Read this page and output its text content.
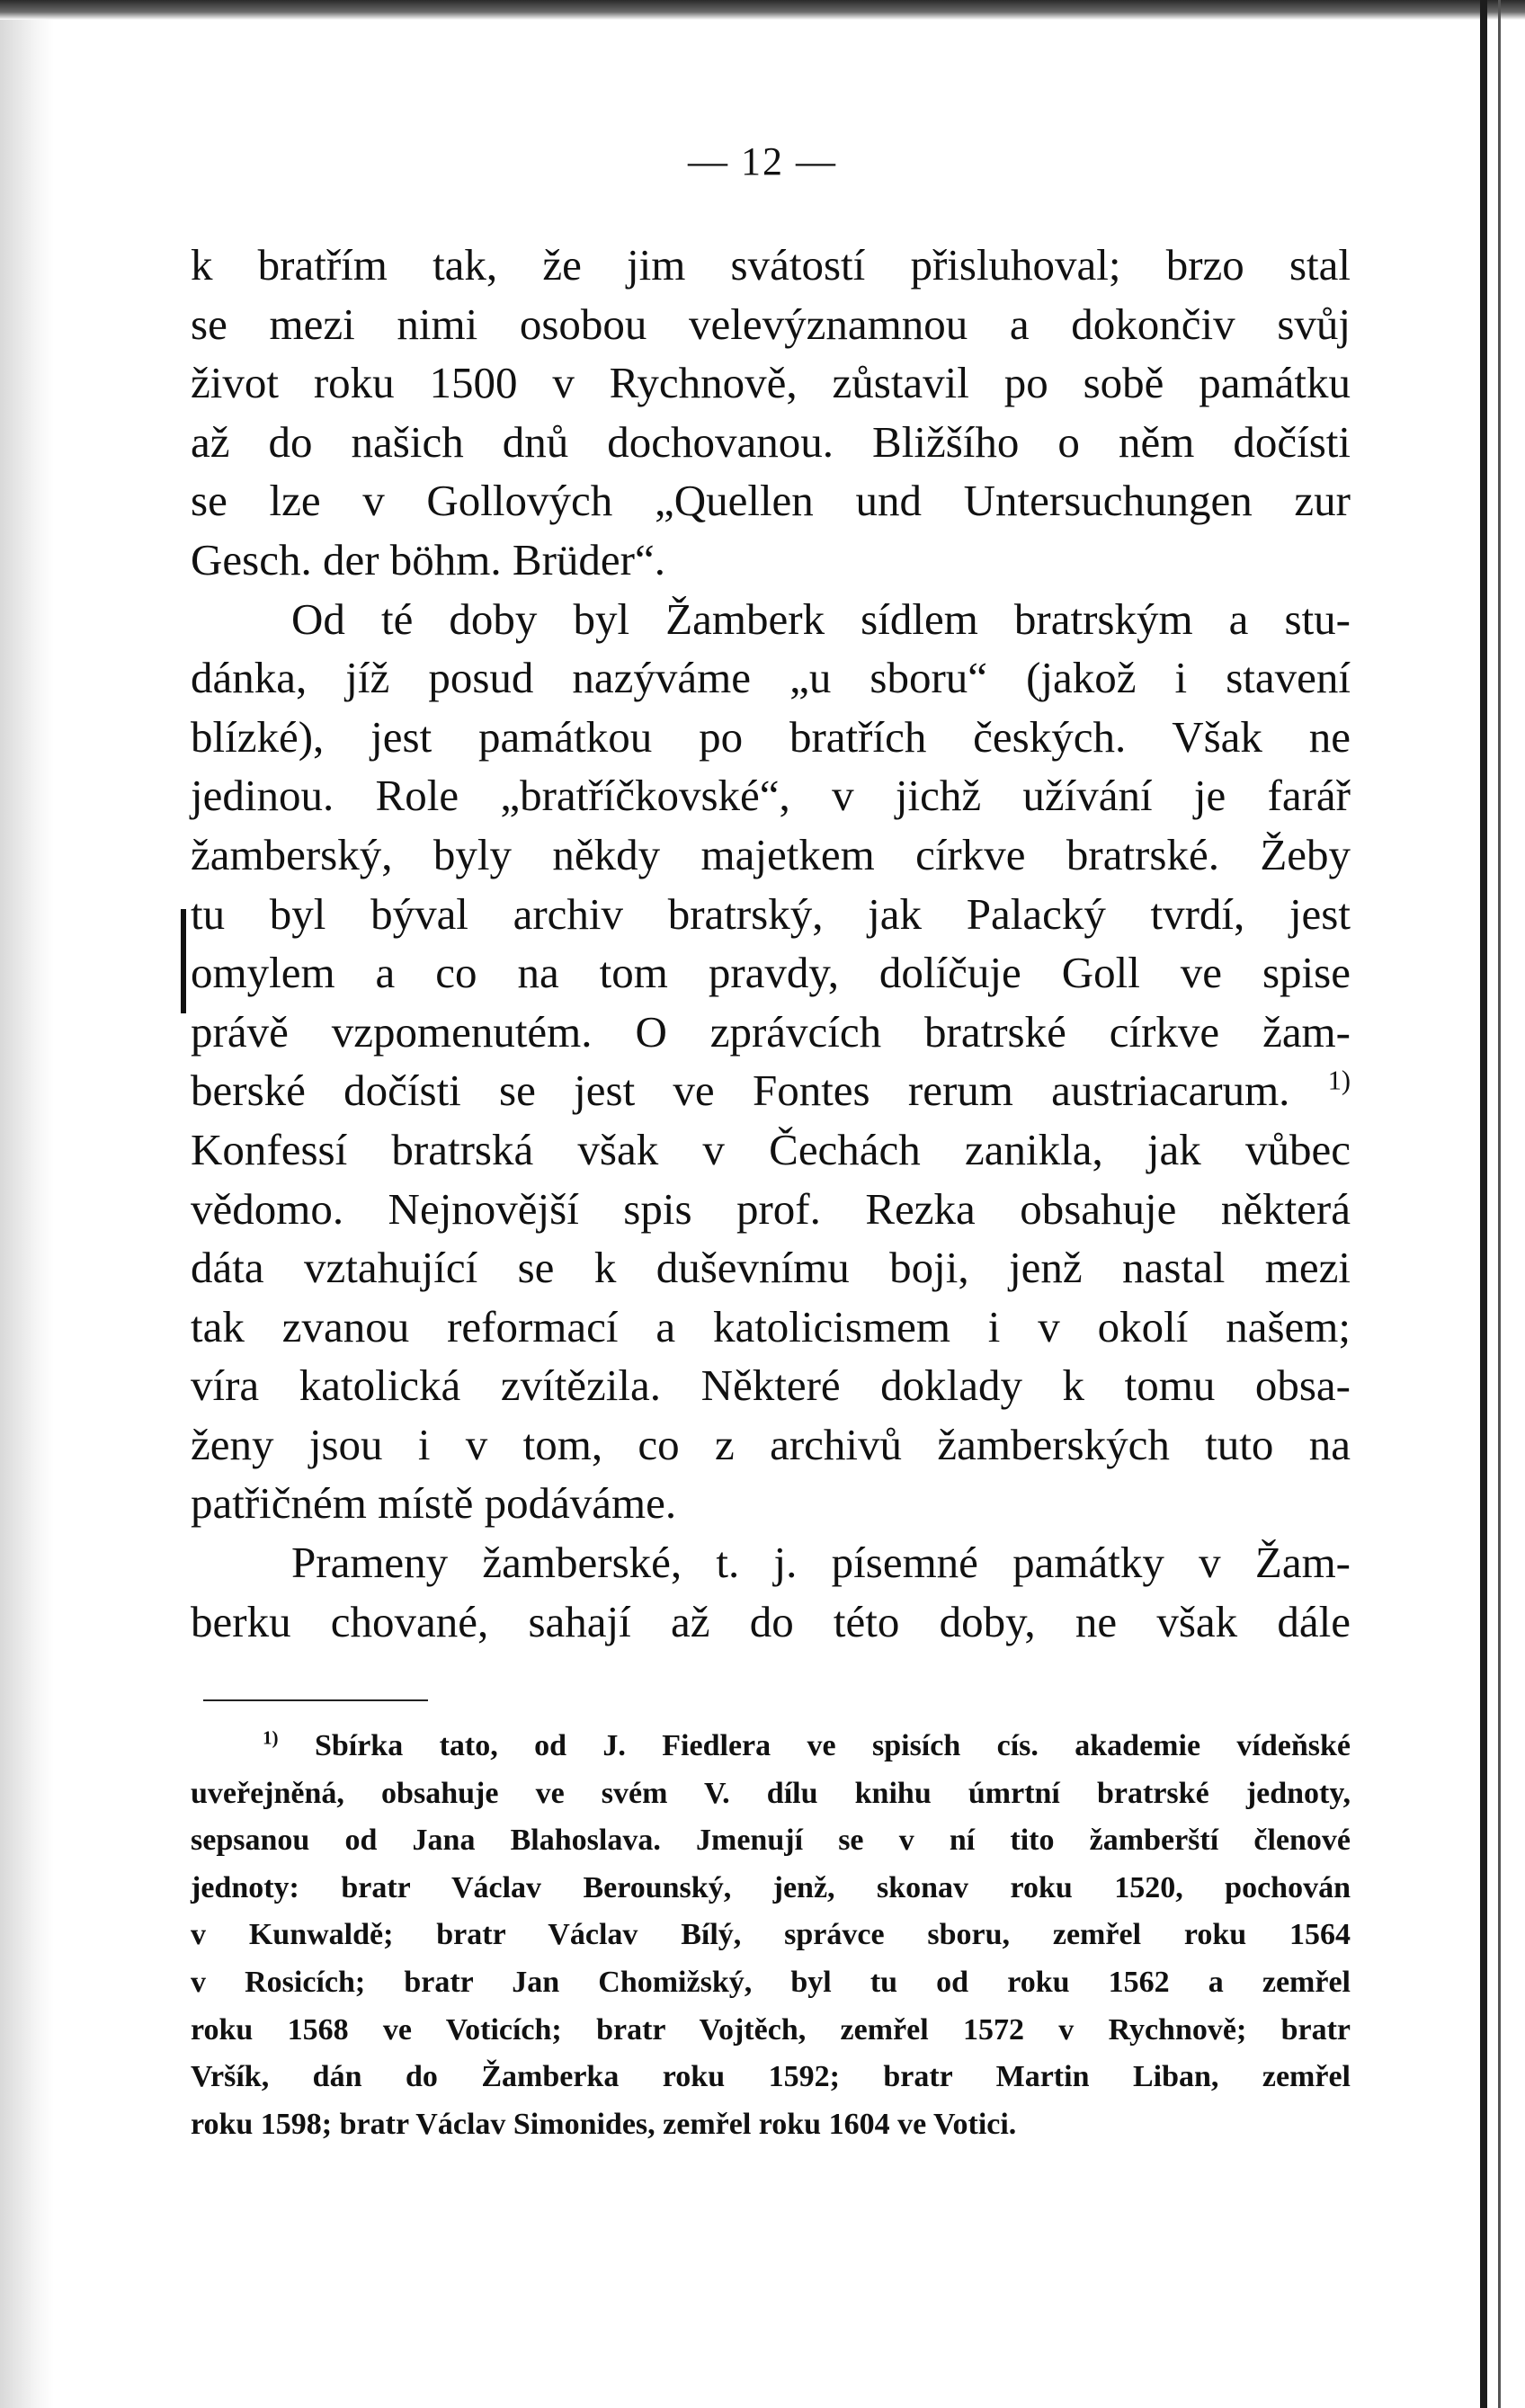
— 12 —
k bratřím tak, že jim svátostí přisluhoval; brzo stal
se mezi nimi osobou velevýznamnou a dokončiv svůj
život roku 1500 v Rychnově, zůstavil po sobě památku
až do našich dnů dochovanou. Bližšího o něm dočísti
se lze v Gollových „Quellen und Untersuchungen zur
Gesch. der böhm. Brüder“.
Od té doby byl Žamberk sídlem bratrským a stu-
dánka, jíž posud nazýváme „u sboru“ (jakož i stavení
blízké), jest památkou po bratřích českých. Však ne
jedinou. Role „bratříčkovské“, v jichž užívání je farář
žamberský, byly někdy majetkem církve bratrské. Žeby
tu byl býval archiv bratrský, jak Palacký tvrdí, jest
omylem a co na tom pravdy, dolíčuje Goll ve spise
právě vzpomenutém. O zprávcích bratrské církve žam-
berské dočísti se jest ve Fontes rerum austriacarum. $^{1)}$
Konfessí bratrská však v Čechách zanikla, jak vůbec
vědomo. Nejnovější spis prof. Rezka obsahuje některá
dáta vztahující se k duševnímu boji, jenž nastal mezi
tak zvanou reformací a katolicismem i v okolí našem;
víra katolická zvítězila. Některé doklady k tomu obsa-
ženy jsou i v tom, co z archivů žamberských tuto na
patřičném místě podáváme.
Prameny žamberské, t. j. písemné památky v Žam-
berku chované, sahají až do této doby, ne však dále
$^{1)}$ Sbírka tato, od J. Fiedlera ve spisích cís. akademie vídeňské
uveřejněná, obsahuje ve svém V. dílu knihu úmrtní bratrské jednoty,
sepsanou od Jana Blahoslava. Jmenují se v ní tito žamberští členové
jednoty: bratr Václav Berounský, jenž, skonav roku 1520, pochován
v Kunwaldě; bratr Václav Bílý, správce sboru, zemřel roku 1564
v Rosicích; bratr Jan Chomižský, byl tu od roku 1562 a zemřel
roku 1568 ve Voticích; bratr Vojtěch, zemřel 1572 v Rychnově; bratr
Vršík, dán do Žamberka roku 1592; bratr Martin Liban, zemřel
roku 1598; bratr Václav Simonides, zemřel roku 1604 ve Votici.
